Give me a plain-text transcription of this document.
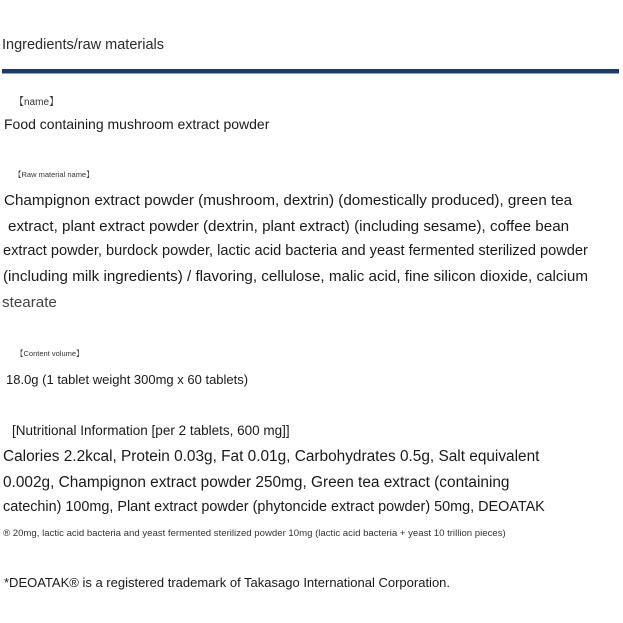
Ingredients/raw materials
【name】
Food containing mushroom extract powder
【Raw material name】
Champignon extract powder (mushroom, dextrin) (domestically produced), green tea
extract, plant extract powder (dextrin, plant extract) (including sesame), coffee bean
extract powder, burdock powder, lactic acid bacteria and yeast fermented sterilized powder
(including milk ingredients) / flavoring, cellulose, malic acid, fine silicon dioxide, calcium
stearate
【Content volume】
18.0g (1 tablet weight 300mg x 60 tablets)
[Nutritional Information [per 2 tablets, 600 mg]]
Calories 2.2kcal, Protein 0.03g, Fat 0.01g, Carbohydrates 0.5g, Salt equivalent
0.002g, Champignon extract powder 250mg, Green tea extract (containing
catechin) 100mg, Plant extract powder (phytoncide extract powder) 50mg, DEOATAK
® 20mg, lactic acid bacteria and yeast fermented sterilized powder 10mg (lactic acid bacteria + yeast 10 trillion pieces)
*DEOATAK® is a registered trademark of Takasago International Corporation.
